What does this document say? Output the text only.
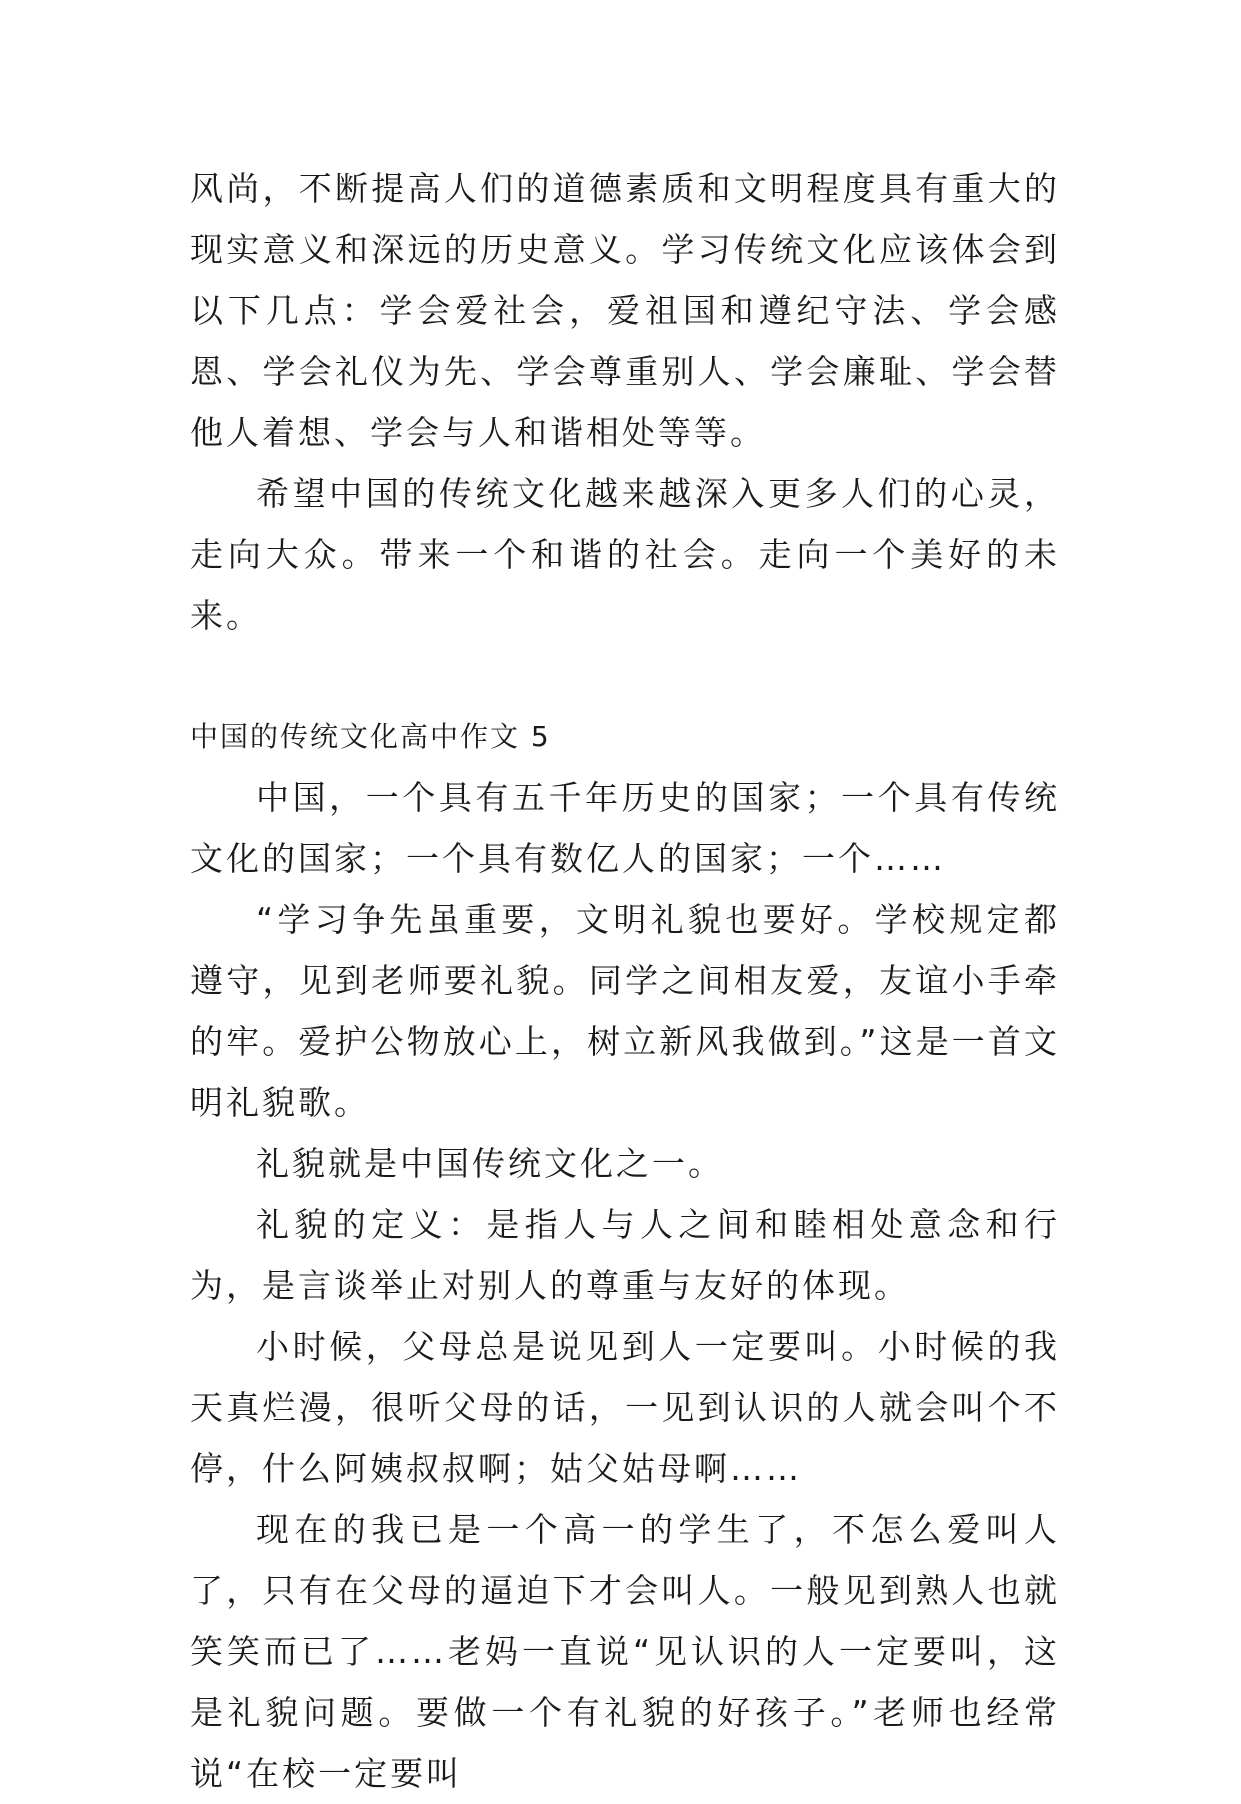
风尚，不断提高人们的道德素质和文明程度具有重大的现实意义和深远的历史意义。学习传统文化应该体会到以下几点：学会爱社会，爱祖国和遵纪守法、学会感恩、学会礼仪为先、学会尊重别人、学会廉耻、学会替他人着想、学会与人和谐相处等等。

希望中国的传统文化越来越深入更多人们的心灵，走向大众。带来一个和谐的社会。走向一个美好的未来。

中国的传统文化高中作文 5

中国，一个具有五千年历史的国家；一个具有传统文化的国家；一个具有数亿人的国家；一个……

“学习争先虽重要，文明礼貌也要好。学校规定都遵守，见到老师要礼貌。同学之间相友爱，友谊小手牵的牢。爱护公物放心上，树立新风我做到。”这是一首文明礼貌歌。

礼貌就是中国传统文化之一。

礼貌的定义：是指人与人之间和睦相处意念和行为，是言谈举止对别人的尊重与友好的体现。

小时候，父母总是说见到人一定要叫。小时候的我天真烂漫，很听父母的话，一见到认识的人就会叫个不停，什么阿姨叔叔啊；姑父姑母啊……

现在的我已是一个高一的学生了，不怎么爱叫人了，只有在父母的逼迫下才会叫人。一般见到熟人也就笑笑而已了……老妈一直说“见认识的人一定要叫，这是礼貌问题。要做一个有礼貌的好孩子。”老师也经常说“在校一定要叫
